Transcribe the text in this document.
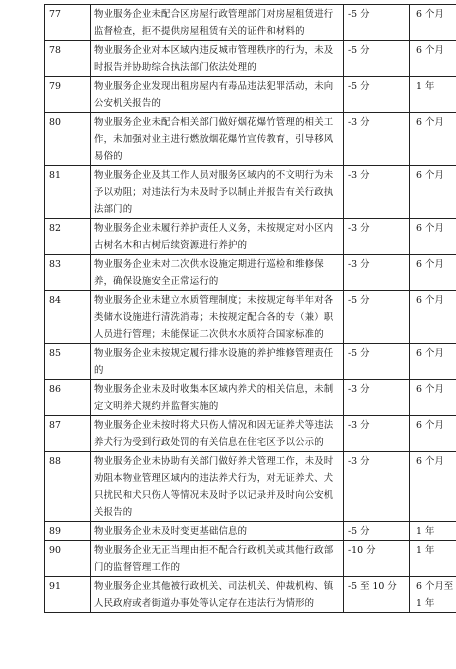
77	物业服务企业未配合区房屋行政管理部门对房屋租赁进行监督检查，拒不提供房屋租赁有关的证件和材料的	-5 分	6 个月
78	物业服务企业对本区域内违反城市管理秩序的行为，未及时报告并协助综合执法部门依法处理的	-5 分	6 个月
79	物业服务企业发现出租房屋内有毒品违法犯罪活动，未向公安机关报告的	-5 分	1 年
80	物业服务企业未配合相关部门做好烟花爆竹管理的相关工作，未加强对业主进行燃放烟花爆竹宣传教育，引导移风易俗的	-3 分	6 个月
81	物业服务企业及其工作人员对服务区域内的不文明行为未予以劝阻；对违法行为未及时予以制止并报告有关行政执法部门的	-3 分	6 个月
82	物业服务企业未履行养护责任人义务，未按规定对小区内古树名木和古树后续资源进行养护的	-3 分	6 个月
83	物业服务企业未对二次供水设施定期进行巡检和维修保养，确保设施安全正常运行的	-3 分	6 个月
84	物业服务企业未建立水质管理制度；未按规定每半年对各类储水设施进行清洗消毒；未按规定配合各的专（兼）职人员进行管理；未能保证二次供水水质符合国家标准的	-5 分	6 个月
85	物业服务企业未按规定履行排水设施的养护维修管理责任的	-5 分	6 个月
86	物业服务企业未及时收集本区域内养犬的相关信息，未制定文明养犬规约并监督实施的	-3 分	6 个月
87	物业服务企业未按时将犬只伤人情况和因无证养犬等违法养犬行为受到行政处罚的有关信息在住宅区予以公示的	-3 分	6 个月
88	物业服务企业未协助有关部门做好养犬管理工作，未及时劝阻本物业管理区域内的违法养犬行为，对无证养犬、犬只扰民和犬只伤人等情况未及时予以记录并及时向公安机关报告的	-3 分	6 个月
89	物业服务企业未及时变更基础信息的	-5 分	1 年
90	物业服务企业无正当理由拒不配合行政机关或其他行政部门的监督管理工作的	-10 分	1 年
91	物业服务企业其他被行政机关、司法机关、仲裁机构、镇人民政府或者街道办事处等认定存在违法行为情形的	-5 至 10 分	6 个月至 1 年
